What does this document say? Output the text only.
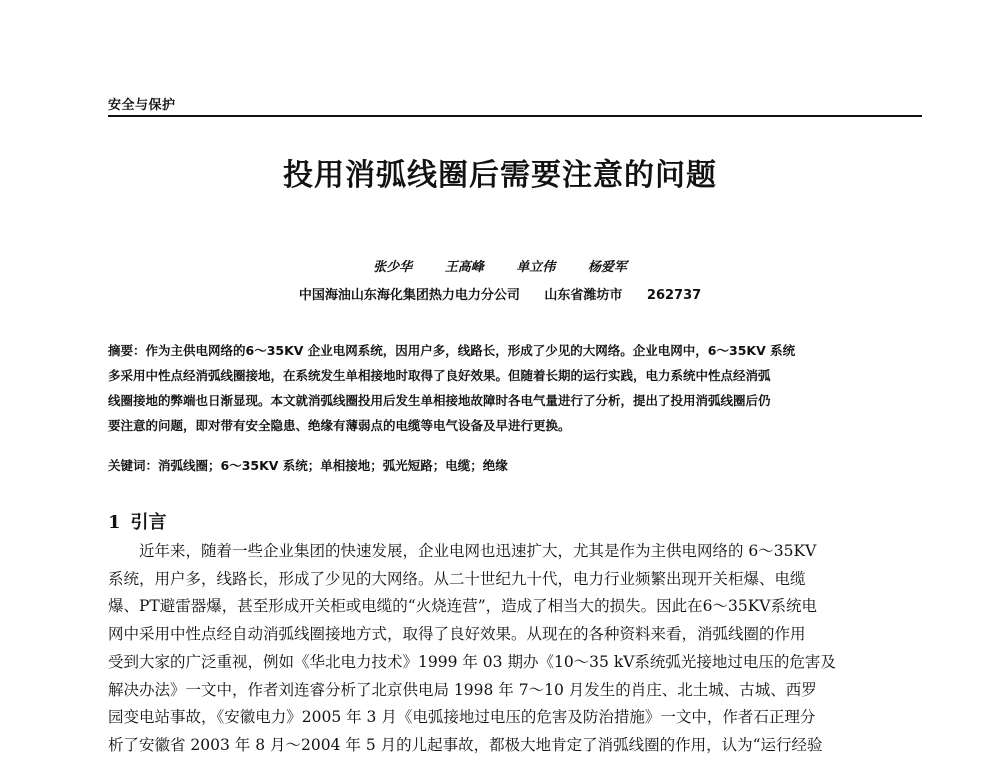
安全与保护
投用消弧线圈后需要注意的问题
张少华	王高峰	单立伟	杨爱军
中国海油山东海化集团热力电力分公司 山东省潍坊市 262737
摘要：作为主供电网络的6～35KV 企业电网系统，因用户多，线路长，形成了少见的大网络。企业电网中，6～35KV 系统
多采用中性点经消弧线圈接地，在系统发生单相接地时取得了良好效果。但随着长期的运行实践，电力系统中性点经消弧
线圈接地的弊端也日渐显现。本文就消弧线圈投用后发生单相接地故障时各电气量进行了分析，提出了投用消弧线圈后仍
要注意的问题，即对带有安全隐患、绝缘有薄弱点的电缆等电气设备及早进行更换。
关键词：消弧线圈；6～35KV 系统；单相接地；弧光短路；电缆；绝缘
1 引言
　　近年来，随着一些企业集团的快速发展，企业电网也迅速扩大，尤其是作为主供电网络的 6～35KV
系统，用户多，线路长，形成了少见的大网络。从二十世纪九十代，电力行业频繁出现开关柜爆、电缆
爆、PT避雷器爆，甚至形成开关柜或电缆的“火烧连营”，造成了相当大的损失。因此在6～35KV系统电
网中采用中性点经自动消弧线圈接地方式，取得了良好效果。从现在的各种资料来看，消弧线圈的作用
受到大家的广泛重视，例如《华北电力技术》1999 年 03 期办《10～35 kV系统弧光接地过电压的危害及
解决办法》一文中，作者刘连睿分析了北京供电局 1998 年 7～10 月发生的肖庄、北土城、古城、西罗
园变电站事故，《安徽电力》2005 年 3 月《电弧接地过电压的危害及防治措施》一文中，作者石正理分
析了安徽省 2003 年 8 月～2004 年 5 月的儿起事故，都极大地肯定了消弧线圈的作用，认为“运行经验
